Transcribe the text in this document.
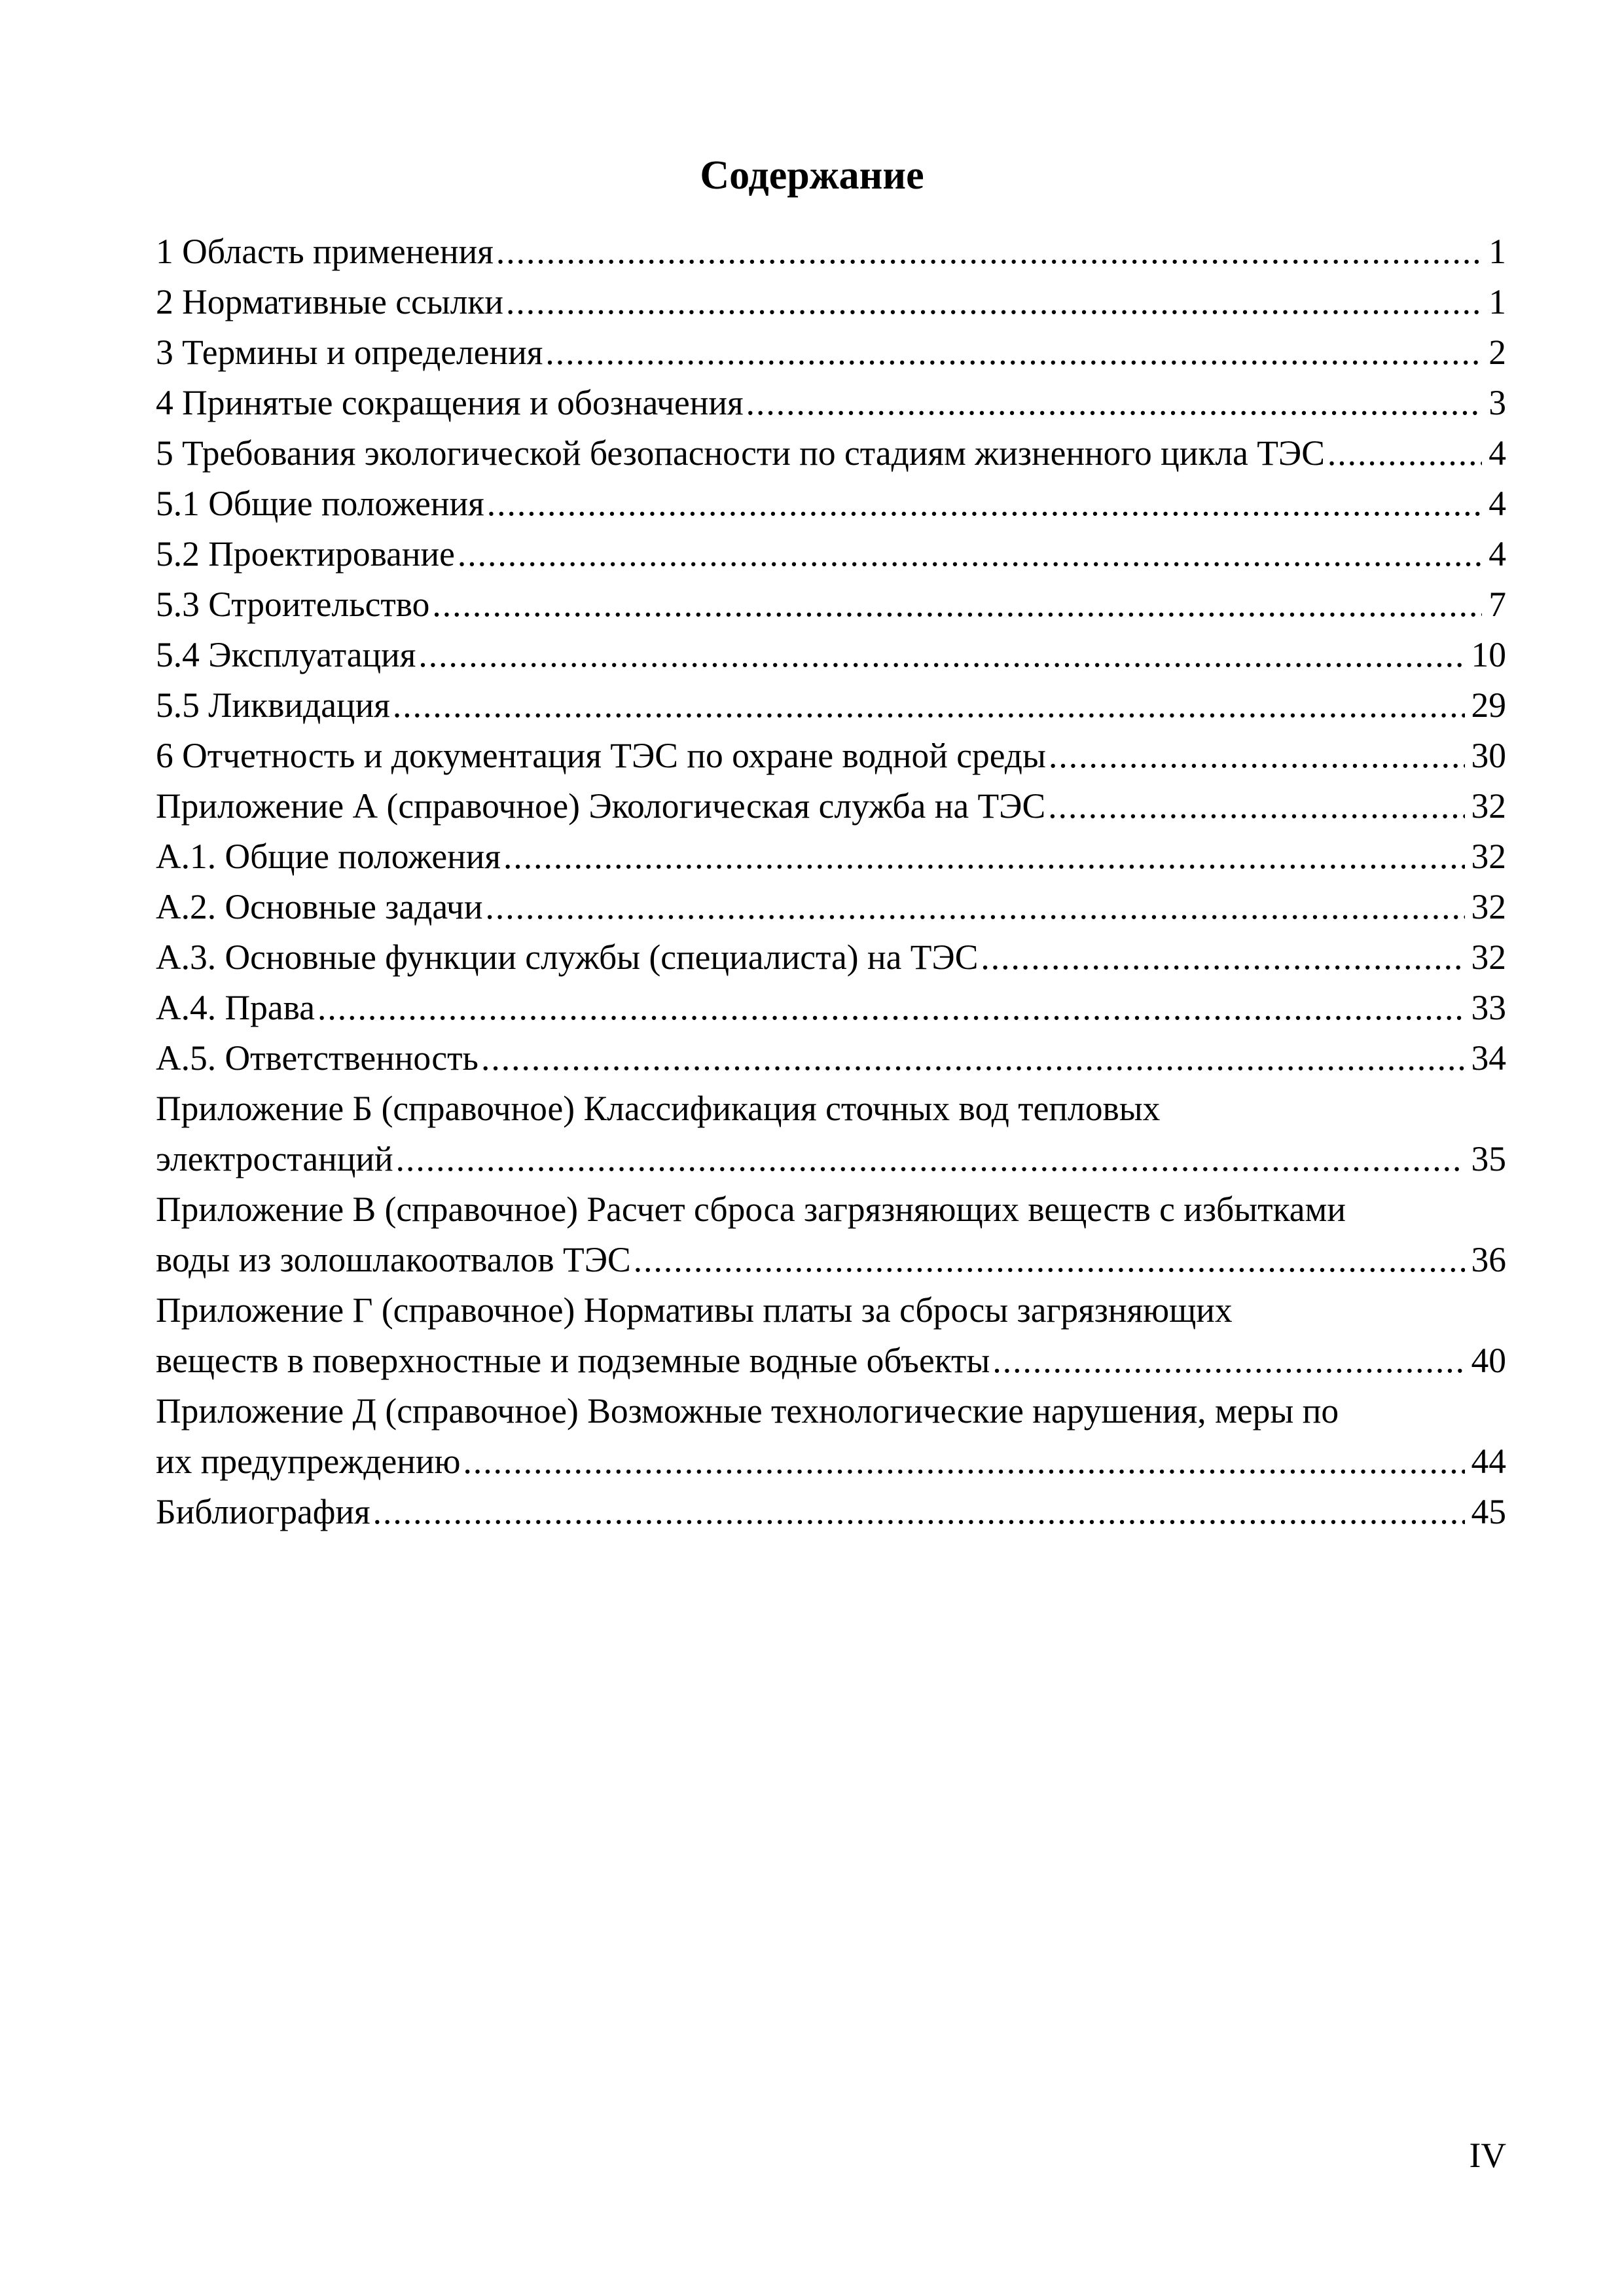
Содержание
1 Область применения .....	1
2 Нормативные ссылки .....	1
3 Термины и определения .....	2
4 Принятые сокращения и обозначения .....	3
5 Требования экологической безопасности по стадиям жизненного цикла ТЭС .....	4
5.1 Общие положения .....	4
5.2 Проектирование .....	4
5.3 Строительство .....	7
5.4 Эксплуатация .....	10
5.5 Ликвидация .....	29
6 Отчетность и документация ТЭС по охране водной среды .....	30
Приложение А (справочное) Экологическая служба на ТЭС .....	32
А.1. Общие положения .....	32
А.2. Основные задачи .....	32
А.3. Основные функции службы (специалиста) на ТЭС .....	32
А.4. Права .....	33
А.5. Ответственность .....	34
Приложение Б (справочное) Классификация сточных вод тепловых
электростанций .....	35
Приложение В (справочное) Расчет сброса загрязняющих веществ с избытками
воды из золошлакоотвалов ТЭС .....	36
Приложение Г (справочное) Нормативы платы за сбросы загрязняющих
веществ в поверхностные и подземные водные объекты .....	40
Приложение Д (справочное) Возможные технологические нарушения, меры по
их предупреждению .....	44
Библиография .....	45
IV
